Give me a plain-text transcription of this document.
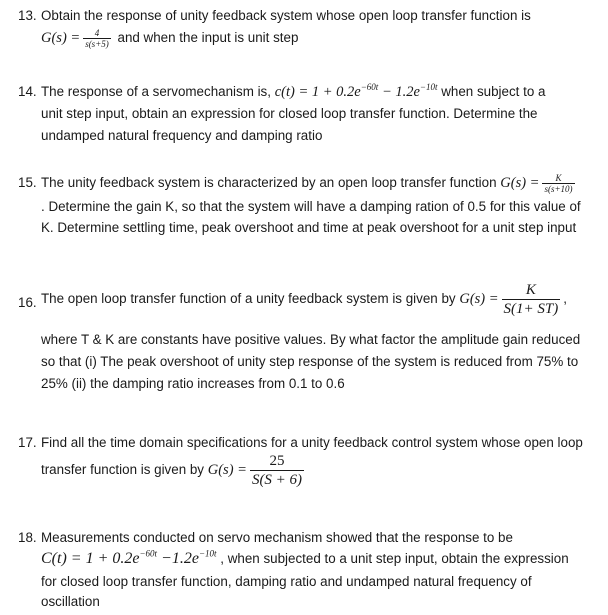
13. Obtain the response of unity feedback system whose open loop transfer function is
$G(s) = \frac{4}{s(s+5)}$ and when the input is unit step
14. The response of a servomechanism is, $c(t) = 1 + 0.2e^{-60t} - 1.2e^{-10t}$ when subject to a
unit step input, obtain an expression for closed loop transfer function. Determine the
undamped natural frequency and damping ratio
15. The unity feedback system is characterized by an open loop transfer function $G(s) = \frac{K}{s(s+10)}$
. Determine the gain K, so that the system will have a damping ration of 0.5 for this value of
K. Determine settling time, peak overshoot and time at peak overshoot for a unit step input
16. The open loop transfer function of a unity feedback system is given by $G(s) = \frac{K}{S(1+ ST)}$ ,
where T & K are constants have positive values. By what factor the amplitude gain reduced
so that (i) The peak overshoot of unity step response of the system is reduced from 75% to
25% (ii) the damping ratio increases from 0.1 to 0.6
17. Find all the time domain specifications for a unity feedback control system whose open loop
transfer function is given by $G(s) = \frac{25}{S(S + 6)}$
18. Measurements conducted on servo mechanism showed that the response to be
$C(t) = 1 + 0.2e^{-60t} -1.2e^{-10t}$ , when subjected to a unit step input, obtain the expression
for closed loop transfer function, damping ratio and undamped natural frequency of
oscillation
